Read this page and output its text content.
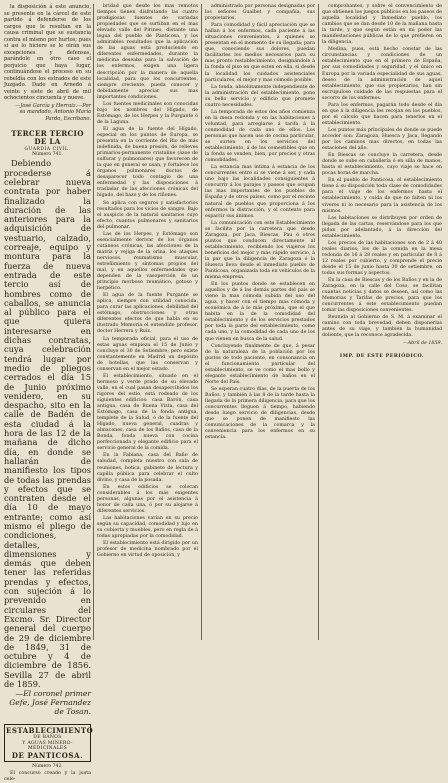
la disposición á este anuncio, se presente en la cárcel de este partido á defenderse de los cargos que le resultan en la causa criminal que se sustancia contra el mismo por hurtos; pues si así lo hiciere se le oirán sus excepciones y defensas, parándole en otro caso el perjuicio que haya lugar, continuándose el proceso en su rebeldía con los estrados de este Juzgado. Dado en Arnedo á veinte y siete de abril de mil ochocientos cincuenta y nueve.

—José García y Herraiz.—Por su mandado, Antonio María Pardo, Escribano.

TERCER TERCIO DE LA
GUARDIA CIVIL.
Número 741.

Debiendo procederse á celebrar nueva contrata por haber finalizado la duración de las anteriores para la adquisición de vestuario, calzado, correaje, equipo y montura para la fuerza de nueva entrada de este tercio así de hombres como de caballos, se anuncia al público para el que quiera interesarse en dichas contratas, cuya celebración tendrá lugar por medio de pliegos cerrados el día 15 de Junio próximo venidero, en su despacho, sito en la calle de Badén de esta ciudad á la hora de las 12 de la mañana de dicho día, en donde se hallarán de manifiesto los tipos de todas las prendas y efectos que se contraten desde el día 10 de mayo entrante; como así mismo el pliego de condiciones, detalles, dimensiones y demás que deben tener las referidas prendas y efectos, con sujeción á lo prevenido en circulares del Excmo. Sr. Director general del cuerpo de 29 de diciembre de 1849, 31 de octubre y 4 de diciembre de 1856. Sevilla 27 de abril de 1859.

—El coronel primer Gefe, José Fernandez de Tosan.
ESTABLECIMIENTO
DE BAÑOS
Y AGUAS MINERO-MEDICINALES
DE PANTICOSA.
Número 742.

El concurso creado y la justa cele-

bridad que desde los mas remotos tiempos tienen disfrutando las cuatro prodigiosas fuentes de variadas propiedades que se surtiban en el mas elevado valle del Pirineo, distante una legua del pueblo de Panticosa, y los admirables resultados que la aplicación de las aguas está produciendo en diferentes enfermedades, durante la medicina deseaba para la salvación de los enfermos, exigen una ligera descripción por la manera de aquella localidad, para que los concurrentes, siempre creciente, pueda conocer y debidamente apreciar sus mas importantes condiciones.

Los fuentes medicinales son conocidas bajo los nombres del Hígado, de Estómago, de los Herpes y la Purgante ó de la Laguna.

El agua de la fuente del Hígado, especial en los puntos de Europa, se presenta en la corriente del Rio de más indefinida, de buena presión, de relieves primarios-permanente cristaline (ázoe de sulfurar y pulmonares) que favorecen de la que en general se usan, y fortalece los órganos pulmonares ductos de desaparecer todo contagio de una enfermedad y las disposiciones á trasladar de las afecciones crónicas del hígado, del bazo y de los riñones.

Se aplica con seguros y satisfactorios resultados para los vicios de sangre. Bajo el auspicio de la natural sanitarios cuyo efecto, cuantos pulmonares y sanitarios del pulmonar.

Las de los Herpes, y Estómago son esencialmente derivar de los órganos cutáneos crónicas, las afecciones de la matriz y vejiga de la orina, los ataques nerviosos, reumatismo muscular, estreñimiento y síntomas propios del mal, y en aquellos enfermedades que dependen de la vasoperción de un principio morboso reumático, gotoso y herpético.

El agua de la fuente Purgante se aplica, siempre con utilidad conocida, para curar las aplicaciones, debilidad del estómago, obstrucciones y otras diferentes efectos de que habla en su ilustrado Memoria el entendido profesor, doctor Herrera y Ruiz.

La temporada oficial, para el uso de estas aguas empieza el 15 de Junio y concluye el 30 de Setiembre; pero existe constantemente en Madrid un depósito de botellas, que las conservan y conservan en el mejor estado.

El establecimiento, situado en el hermoso y verde prado de su elevado valle, en el cual pasan desapercibidos los rigores del estío, está rodeado de los siguientes edificios: casa Barón, casa antigua, casa de Buena Vista, casa del Estómago, casa de la fonda antigua, templete de la Salud, ó de la fuente del Hígado, nueva general, cuadras y almacenes, casa de los Baños, casa de la Bonda, fonda nueva con cocina perfeccionada y elegante edificio para el servicio general de la comida.

En la Fabiana, casa del Baño de saludad, completa nuestro con sala de reuniones, botica, gabinete de lectura y capilla pública para celebrar el culto divino, y casa de la posada.

En estos edificios se colocan considerables á los más exigentes personas, algunas por el asistencia á honor de cada una, ó por su alojarse á diferentes servicios.

Las habitaciones varían en su precio según su capacidad, comodidad y lujo en su cubierta y muebles, pero en regla de á todas apropiadas por la comodidad.

El establecimiento está dirigido por un profesor de medicina nombrado por el Gobierno en virtud de oposición, y

administrado por personas designadas por los señores Gualbet y compañía, sus propietarios.

Para comodidad y fácil apreciación que se hallan á los enfermos, cada paciente á las situaciones convenientes, á quienes se presentan en el momento de su llegada; para que, conociendo sus dolores, puedan facilitarles los medios necesarios para su mas pronto restablecimiento, designándole á la fonda el piso en que esten en ella, si desde la localidad los cuidados asistenciales particulares, el mejor y mas cómodo posible.

La fonda, absolutamente independiente de la administración del establecimiento, pone su bello servicio y edificio que promete cuatro necesidades.

La temporada de estos dos años comienza en la mesa redonda y en las habitaciones á voluntad, para arreglarse á tarifa á la conmodidad de cada uno de ellos. Los personas que hacen uso de cocina particular, se surten en los servicios del establecimiento, á de los comestibles que en la fonda se venden, bien, por precios y otras comodidades.

La estancia mas íntima á estancia de los concurrentes entre sí se viene á ser, y cada uno bajo las localidades consiguientes á concurrir á los parajes y paseos que ocupan las mas importantes de los pueblos de España y de otros países, como por el recinto natural de pueblos que proporciona á los enfermos la distracción, y el contento para esparcir sus ánimos.

La comunicación con este Establecimiento se facilita por la carretera que desde Zaragoza, por Jaca, Biescas, Pau ó otros puntos que conducen directamente al establecimiento, recibiendo los viajeros los beneficios del mejor y más rápido servicio, á la par que la diligencia de Zaragoza ó la Huesca lleva desde el inmediato pueblo de Panticosa, organizada toda en vehículos de la misma empresa.

En los puntos donde se establecen en aquellos y de á las demás partes del país se viene la mas cómoda subida del uso del agua, y hacer con el tiempo mas cómoda y económica de á lo más próxima, que el que habita en la de la comodidad del establecimiento y de los servicios prestados por toda la parte del establecimiento, como cada uno, y la comodidad de cada uno de los que vienen en busca de la salud.

Concluyendo finalmente de que, á pesar de la naturaleza de la población por los gustos de todo paciente, en consonancia en el funcionamiento particular del establecimiento, se ve como el mas bello y elegante establecimiento de baños en el Norte del País.

Se esperan cuatro días, de la puerta de los Baños, y también á las 8 de la tarde hasta la llegada de la primera diligencia, para que los concurrentes lleguen á tiempo, habiendo desde luego servicio de diligencias, desde que se ponen de manifiesto las comunicaciones de la comarca y la conveniencia para los enfermos en su estancia.

comprobantes, y sobre el convencimiento de que obtienen los juegos públicos en los paseos de aquella localidad y Inmediato pueblo, los cambios que se dan desde 10 de la mañana hasta la tarde, y que según están en mi poder las manifestaciones públicas de lo que prefieren en la diligencia.

Medina, pues, está hecho constar de las circunstancias y condiciones de un establecimiento que en el primero de España, por sus comodidades y seguridad, y el único en Europa por la variada especialidad de sus aguas, deseo de la administración de aquel establecimiento, que sus propietarios, han sin escrupuloso cuidado de las respuestas para el socorro de los enfermos.

Para los enfermos, pagarán todo desde el día en que á la diligencia les recojan en los pueblos, por el cálculo que hacen para tenerlos en el establecimiento.

Los puntos más principales de donde se puede acceder son: Zaragoza, Huesca y Jaca, llegando por los caminos mas directos, en todas las estaciones del año.

En Biescas se concluye la carretera, desde donde se sube en caballería ó en silla de manos, hasta el establecimiento, cuyo viaje se hace en pocas horas de marcha.

En el pueblo de Panticosa, el establecimiento tiene á su disposición toda clase de comodidades para el viaje de los enfermos hasta el establecimiento, y cuida de que no falten ni los víveres ni lo necesario para la asistencia de los mismos.

Las habitaciones se distribuyen por orden de llegada de las cartas, reservándose para los que pidan por adelantado, á la dirección del establecimiento.

Los precios de las habitaciones son de 2 á 40 reales diarios; los de la comida en la mesa redonda de 16 á 28 reales y en particular de 8 á 12 reales por cubierto, y comprende el precio desde el 15 de junio hasta 30 de setiembre, en todas sus formas y aspectos.

En la casa de Biescas y de los Baños y en la de Zaragoza, en la calle del Coso, se facilitan cuantas noticias y datos se deseen, así como las Memorias y Tarifas de precios, para que los concurrentes á este establecimiento puedan tomar las disposiciones convenientes.

Reunida al Gobierno de S. M. á examinar el camino con toda brevedad, deben disponerlas antes de su viaje, y también la humanidad doliente, que la reconoce agradecida.

—Abril de 1859.

IMP. DE ESTE PERIÓDICO.
